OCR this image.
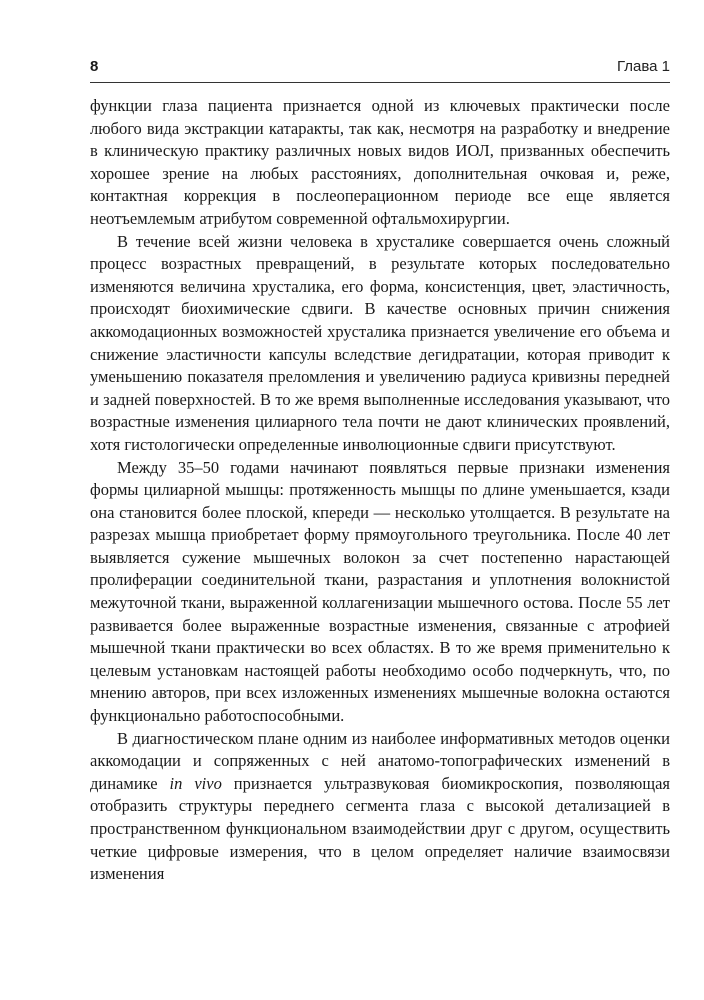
8	Глава 1

функции глаза пациента признается одной из ключевых практически после любого вида экстракции катаракты, так как, несмотря на разработку и внедрение в клиническую практику различных новых видов ИОЛ, призванных обеспечить хорошее зрение на любых расстояниях, дополнительная очковая и, реже, контактная коррекция в послеоперационном периоде все еще является неотъемлемым атрибутом современной офтальмохирургии.

В течение всей жизни человека в хрусталике совершается очень сложный процесс возрастных превращений, в результате которых последовательно изменяются величина хрусталика, его форма, консистенция, цвет, эластичность, происходят биохимические сдвиги. В качестве основных причин снижения аккомодационных возможностей хрусталика признается увеличение его объема и снижение эластичности капсулы вследствие дегидратации, которая приводит к уменьшению показателя преломления и увеличению радиуса кривизны передней и задней поверхностей. В то же время выполненные исследования указывают, что возрастные изменения цилиарного тела почти не дают клинических проявлений, хотя гистологически определенные инволюционные сдвиги присутствуют.

Между 35–50 годами начинают появляться первые признаки изменения формы цилиарной мышцы: протяженность мышцы по длине уменьшается, кзади она становится более плоской, кпереди — несколько утолщается. В результате на разрезах мышца приобретает форму прямоугольного треугольника. После 40 лет выявляется сужение мышечных волокон за счет постепенно нарастающей пролиферации соединительной ткани, разрастания и уплотнения волокнистой межуточной ткани, выраженной коллагенизации мышечного остова. После 55 лет развивается более выраженные возрастные изменения, связанные с атрофией мышечной ткани практически во всех областях. В то же время применительно к целевым установкам настоящей работы необходимо особо подчеркнуть, что, по мнению авторов, при всех изложенных изменениях мышечные волокна остаются функционально работоспособными.

В диагностическом плане одним из наиболее информативных методов оценки аккомодации и сопряженных с ней анатомо-топографических изменений в динамике in vivo признается ультразвуковая биомикроскопия, позволяющая отобразить структуры переднего сегмента глаза с высокой детализацией в пространственном функциональном взаимодействии друг с другом, осуществить четкие цифровые измерения, что в целом определяет наличие взаимосвязи изменения
